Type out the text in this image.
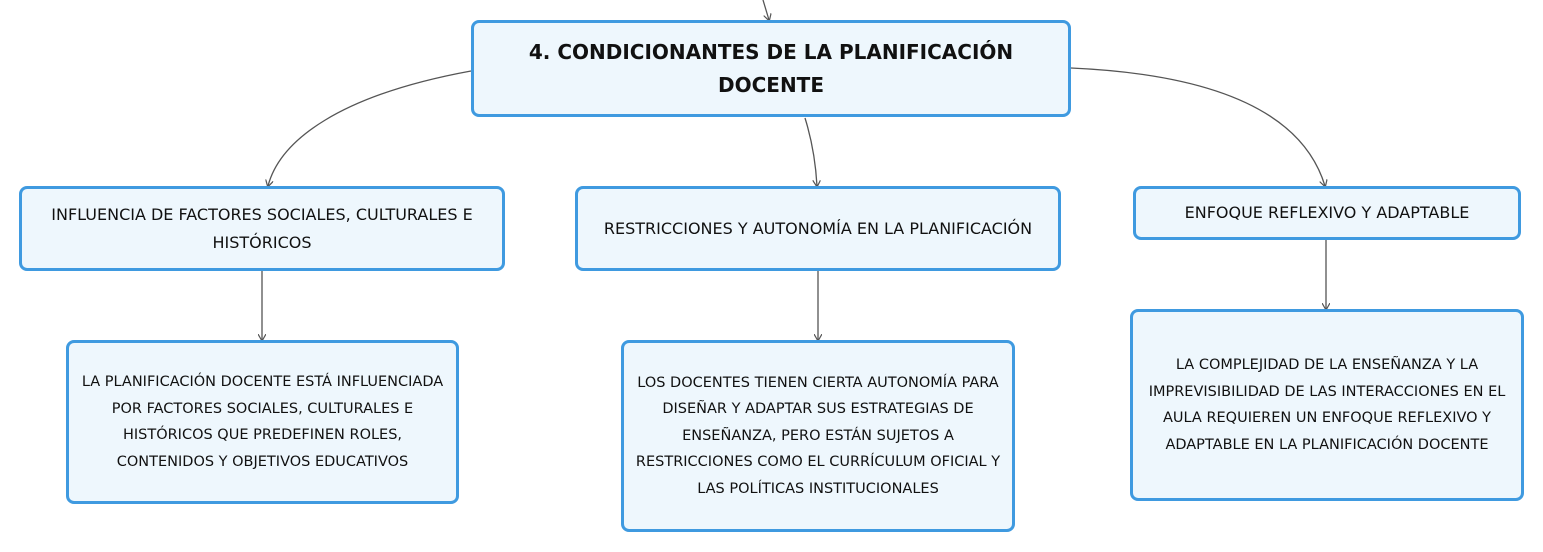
4. CONDICIONANTES DE LA PLANIFICACIÓN DOCENTE
INFLUENCIA DE FACTORES SOCIALES, CULTURALES E HISTÓRICOS
RESTRICCIONES Y AUTONOMÍA EN LA PLANIFICACIÓN
ENFOQUE REFLEXIVO Y ADAPTABLE
LA PLANIFICACIÓN DOCENTE ESTÁ INFLUENCIADA POR FACTORES SOCIALES, CULTURALES E HISTÓRICOS QUE PREDEFINEN ROLES, CONTENIDOS Y OBJETIVOS EDUCATIVOS
LOS DOCENTES TIENEN CIERTA AUTONOMÍA PARA DISEÑAR Y ADAPTAR SUS ESTRATEGIAS DE ENSEÑANZA, PERO ESTÁN SUJETOS A RESTRICCIONES COMO EL CURRÍCULUM OFICIAL Y LAS POLÍTICAS INSTITUCIONALES
LA COMPLEJIDAD DE LA ENSEÑANZA Y LA IMPREVISIBILIDAD DE LAS INTERACCIONES EN EL AULA REQUIEREN UN ENFOQUE REFLEXIVO Y ADAPTABLE EN LA PLANIFICACIÓN DOCENTE
